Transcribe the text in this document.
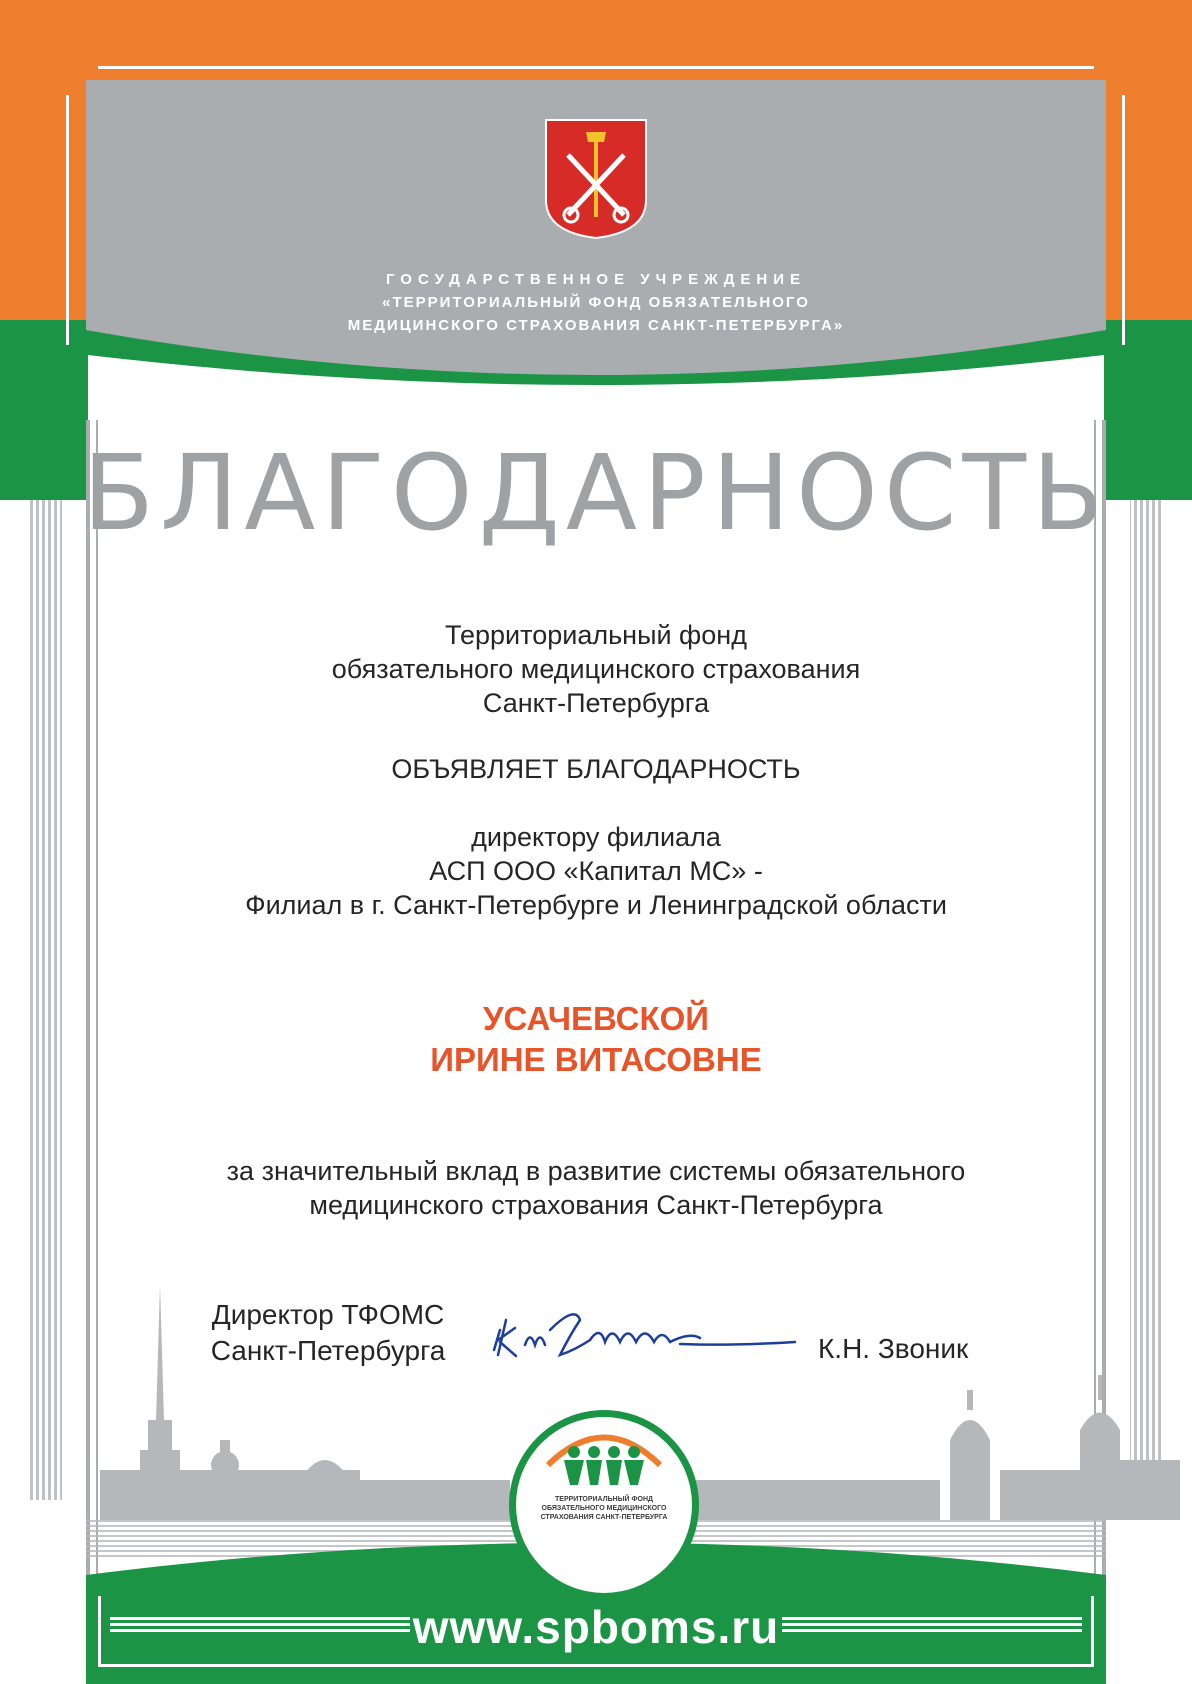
ГОСУДАРСТВЕННОЕ УЧРЕЖДЕНИЕ
«ТЕРРИТОРИАЛЬНЫЙ ФОНД ОБЯЗАТЕЛЬНОГО
МЕДИЦИНСКОГО СТРАХОВАНИЯ САНКТ-ПЕТЕРБУРГА»
БЛАГОДАРНОСТЬ
Территориальный фонд
обязательного медицинского страхования
Санкт-Петербурга
ОБЪЯВЛЯЕТ БЛАГОДАРНОСТЬ
директору филиала
АСП ООО «Капитал МС» -
Филиал в г. Санкт-Петербурге и Ленинградской области
УСАЧЕВСКОЙ
ИРИНЕ ВИТАСОВНЕ
за значительный вклад в развитие системы обязательного
медицинского страхования Санкт-Петербурга
Директор ТФОМС
Санкт-Петербурга	К.Н. Звоник
ТЕРРИТОРИАЛЬНЫЙ ФОНД
ОБЯЗАТЕЛЬНОГО МЕДИЦИНСКОГО
СТРАХОВАНИЯ САНКТ-ПЕТЕРБУРГА
www.spboms.ru
